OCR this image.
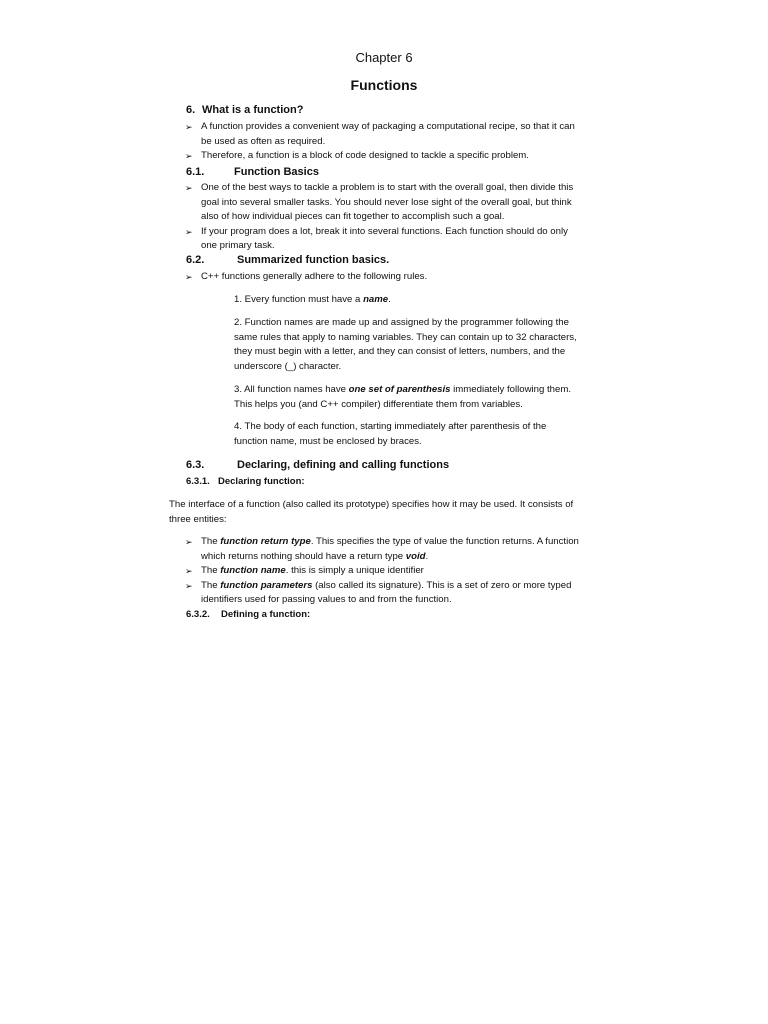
Chapter 6
Functions
6. What is a function?
➢ A function provides a convenient way of packaging a computational recipe, so that it can
be used as often as required.
➢ Therefore, a function is a block of code designed to tackle a specific problem.
6.1.	Function Basics
➢ One of the best ways to tackle a problem is to start with the overall goal, then divide this
goal into several smaller tasks. You should never lose sight of the overall goal, but think
also of how individual pieces can fit together to accomplish such a goal.
➢ If your program does a lot, break it into several functions. Each function should do only
one primary task.
6.2.	Summarized function basics.
➢ C++ functions generally adhere to the following rules.
1. Every function must have a name.
2. Function names are made up and assigned by the programmer following the
same rules that apply to naming variables. They can contain up to 32 characters,
they must begin with a letter, and they can consist of letters, numbers, and the
underscore (_) character.
3. All function names have one set of parenthesis immediately following them.
This helps you (and C++ compiler) differentiate them from variables.
4. The body of each function, starting immediately after parenthesis of the
function name, must be enclosed by braces.
6.3.	Declaring, defining and calling functions
6.3.1. Declaring function:
The interface of a function (also called its prototype) specifies how it may be used. It consists of
three entities:
➢ The function return type. This specifies the type of value the function returns. A function
which returns nothing should have a return type void.
➢ The function name. this is simply a unique identifier
➢ The function parameters (also called its signature). This is a set of zero or more typed
identifiers used for passing values to and from the function.
6.3.2. Defining a function:
